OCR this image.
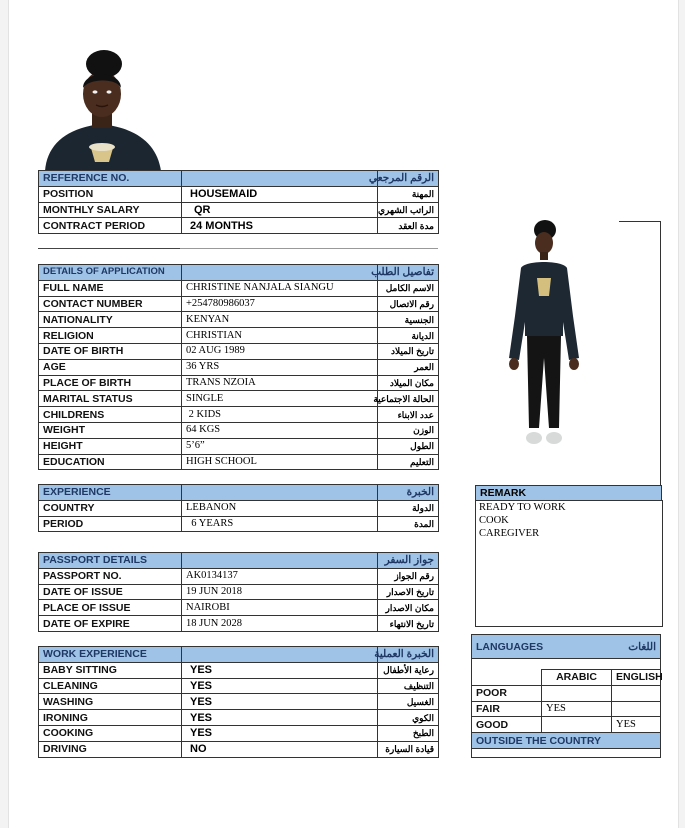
REFERENCE NO.		الرقم المرجعي
POSITION	HOUSEMAID	المهنة
MONTHLY SALARY	QR	الراتب الشهري
CONTRACT PERIOD	24 MONTHS	مدة العقد
DETAILS OF APPLICATION		تفاصيل الطلب
FULL NAME	CHRISTINE NANJALA SIANGU	الاسم الكامل
CONTACT NUMBER	+254780986037	رقم الاتصال
NATIONALITY	KENYAN	الجنسية
RELIGION	CHRISTIAN	الديانة
DATE OF BIRTH	02 AUG 1989	تاريخ الميلاد
AGE	36 YRS	العمر
PLACE OF BIRTH	TRANS NZOIA	مكان الميلاد
MARITAL STATUS	SINGLE	الحالة الاجتماعية
CHILDRENS	2 KIDS	عدد الابناء
WEIGHT	64 KGS	الوزن
HEIGHT	5’6”	الطول
EDUCATION	HIGH SCHOOL	التعليم
EXPERIENCE		الخبرة
COUNTRY	LEBANON	الدولة
PERIOD	6 YEARS	المدة
PASSPORT DETAILS		جواز السفر
PASSPORT NO.	AK0134137	رقم الجواز
DATE OF ISSUE	19 JUN 2018	تاريخ الاصدار
PLACE OF ISSUE	NAIROBI	مكان الاصدار
DATE OF EXPIRE	18 JUN 2028	تاريخ الانتهاء
WORK EXPERIENCE		الخبرة العملية
BABY SITTING	YES	رعاية الأطفال
CLEANING	YES	التنظيف
WASHING	YES	الغسيل
IRONING	YES	الكوي
COOKING	YES	الطبخ
DRIVING	NO	قيادة السيارة
REMARK
READY TO WORK
COOK
CAREGIVER
LANGUAGES		اللغات

	ARABIC	ENGLISH
POOR		
FAIR	YES	
GOOD		YES
OUTSIDE THE COUNTRY		
